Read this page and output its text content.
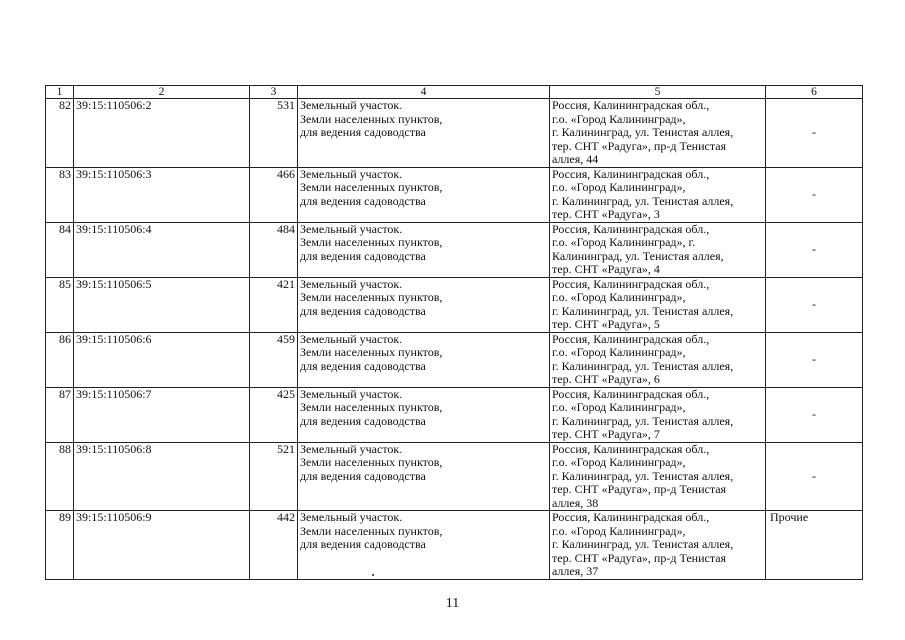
1	2	3	4	5	6
82	39:15:110506:2	531	Земельный участок.
Земли населенных пунктов,
для ведения садоводства	Россия, Калининградская обл.,
г.о. «Город Калининград»,
г. Калининград, ул. Тенистая аллея,
тер. СНТ «Радуга», пр-д Тенистая
аллея, 44	-
83	39:15:110506:3	466	Земельный участок.
Земли населенных пунктов,
для ведения садоводства	Россия, Калининградская обл.,
г.о. «Город Калининград»,
г. Калининград, ул. Тенистая аллея,
тер. СНТ «Радуга», 3	-
84	39:15:110506:4	484	Земельный участок.
Земли населенных пунктов,
для ведения садоводства	Россия, Калининградская обл.,
г.о. «Город Калининград», г.
Калининград, ул. Тенистая аллея,
тер. СНТ «Радуга», 4	-
85	39:15:110506:5	421	Земельный участок.
Земли населенных пунктов,
для ведения садоводства	Россия, Калининградская обл.,
г.о. «Город Калининград»,
г. Калининград, ул. Тенистая аллея,
тер. СНТ «Радуга», 5	-
86	39:15:110506:6	459	Земельный участок.
Земли населенных пунктов,
для ведения садоводства	Россия, Калининградская обл.,
г.о. «Город Калининград»,
г. Калининград, ул. Тенистая аллея,
тер. СНТ «Радуга», 6	-
87	39:15:110506:7	425	Земельный участок.
Земли населенных пунктов,
для ведения садоводства	Россия, Калининградская обл.,
г.о. «Город Калининград»,
г. Калининград, ул. Тенистая аллея,
тер. СНТ «Радуга», 7	-
88	39:15:110506:8	521	Земельный участок.
Земли населенных пунктов,
для ведения садоводства	Россия, Калининградская обл.,
г.о. «Город Калининград»,
г. Калининград, ул. Тенистая аллея,
тер. СНТ «Радуга», пр-д Тенистая
аллея, 38	-
89	39:15:110506:9	442	Земельный участок.
Земли населенных пунктов,
для ведения садоводства	Россия, Калининградская обл.,
г.о. «Город Калининград»,
г. Калининград, ул. Тенистая аллея,
тер. СНТ «Радуга», пр-д Тенистая
аллея, 37	Прочие
11
